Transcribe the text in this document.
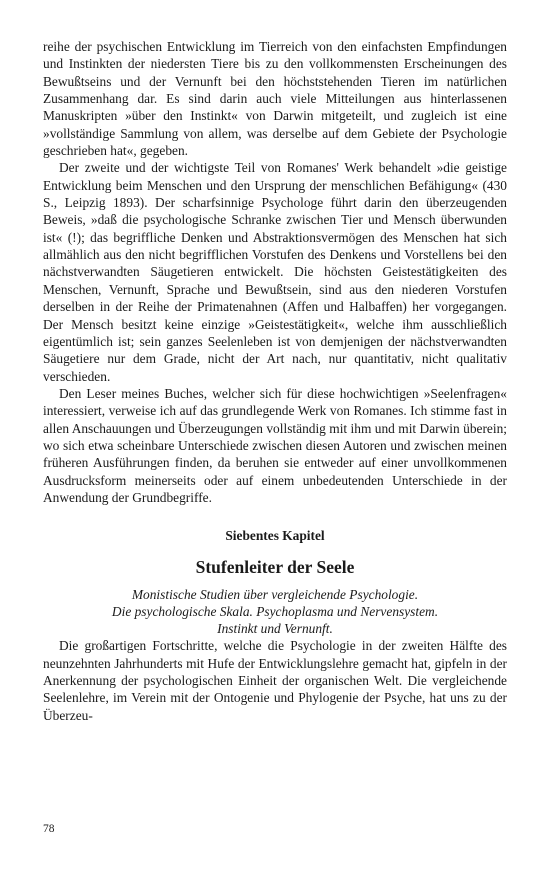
reihe der psychischen Entwicklung im Tierreich von den einfachsten Empfindungen und Instinkten der niedersten Tiere bis zu den vollkommensten Erscheinungen des Bewußtseins und der Vernunft bei den höchststehenden Tieren im natürlichen Zusammenhang dar. Es sind darin auch viele Mitteilungen aus hinterlassenen Manuskripten »über den Instinkt« von Darwin mitgeteilt, und zugleich ist eine »vollständige Sammlung von allem, was derselbe auf dem Gebiete der Psychologie geschrieben hat«, gegeben.

Der zweite und der wichtigste Teil von Romanes' Werk behandelt »die geistige Entwicklung beim Menschen und den Ursprung der menschlichen Befähigung« (430 S., Leipzig 1893). Der scharfsinnige Psychologe führt darin den überzeugenden Beweis, »daß die psychologische Schranke zwischen Tier und Mensch überwunden ist« (!); das begriffliche Denken und Abstraktionsvermögen des Menschen hat sich allmählich aus den nicht begrifflichen Vorstufen des Denkens und Vorstellens bei den nächstverwandten Säugetieren entwickelt. Die höchsten Geistestätigkeiten des Menschen, Vernunft, Sprache und Bewußtsein, sind aus den niederen Vorstufen derselben in der Reihe der Primatenahnen (Affen und Halbaffen) her vorgegangen. Der Mensch besitzt keine einzige »Geistestätigkeit«, welche ihm ausschließlich eigentümlich ist; sein ganzes Seelenleben ist von demjenigen der nächstverwandten Säugetiere nur dem Grade, nicht der Art nach, nur quantitativ, nicht qualitativ verschieden.

Den Leser meines Buches, welcher sich für diese hochwichtigen »Seelenfragen« interessiert, verweise ich auf das grundlegende Werk von Romanes. Ich stimme fast in allen Anschauungen und Überzeugungen vollständig mit ihm und mit Darwin überein; wo sich etwa scheinbare Unterschiede zwischen diesen Autoren und zwischen meinen früheren Ausführungen finden, da beruhen sie entweder auf einer unvollkommenen Ausdrucksform meinerseits oder auf einem unbedeutenden Unterschiede in der Anwendung der Grundbegriffe.

Siebentes Kapitel
Stufenleiter der Seele
Monistische Studien über vergleichende Psychologie.
Die psychologische Skala. Psychoplasma und Nervensystem.
Instinkt und Vernunft.

Die großartigen Fortschritte, welche die Psychologie in der zweiten Hälfte des neunzehnten Jahrhunderts mit Hufe der Entwicklungslehre gemacht hat, gipfeln in der Anerkennung der psychologischen Einheit der organischen Welt. Die vergleichende Seelenlehre, im Verein mit der Ontogenie und Phylogenie der Psyche, hat uns zu der Überzeu-

78
